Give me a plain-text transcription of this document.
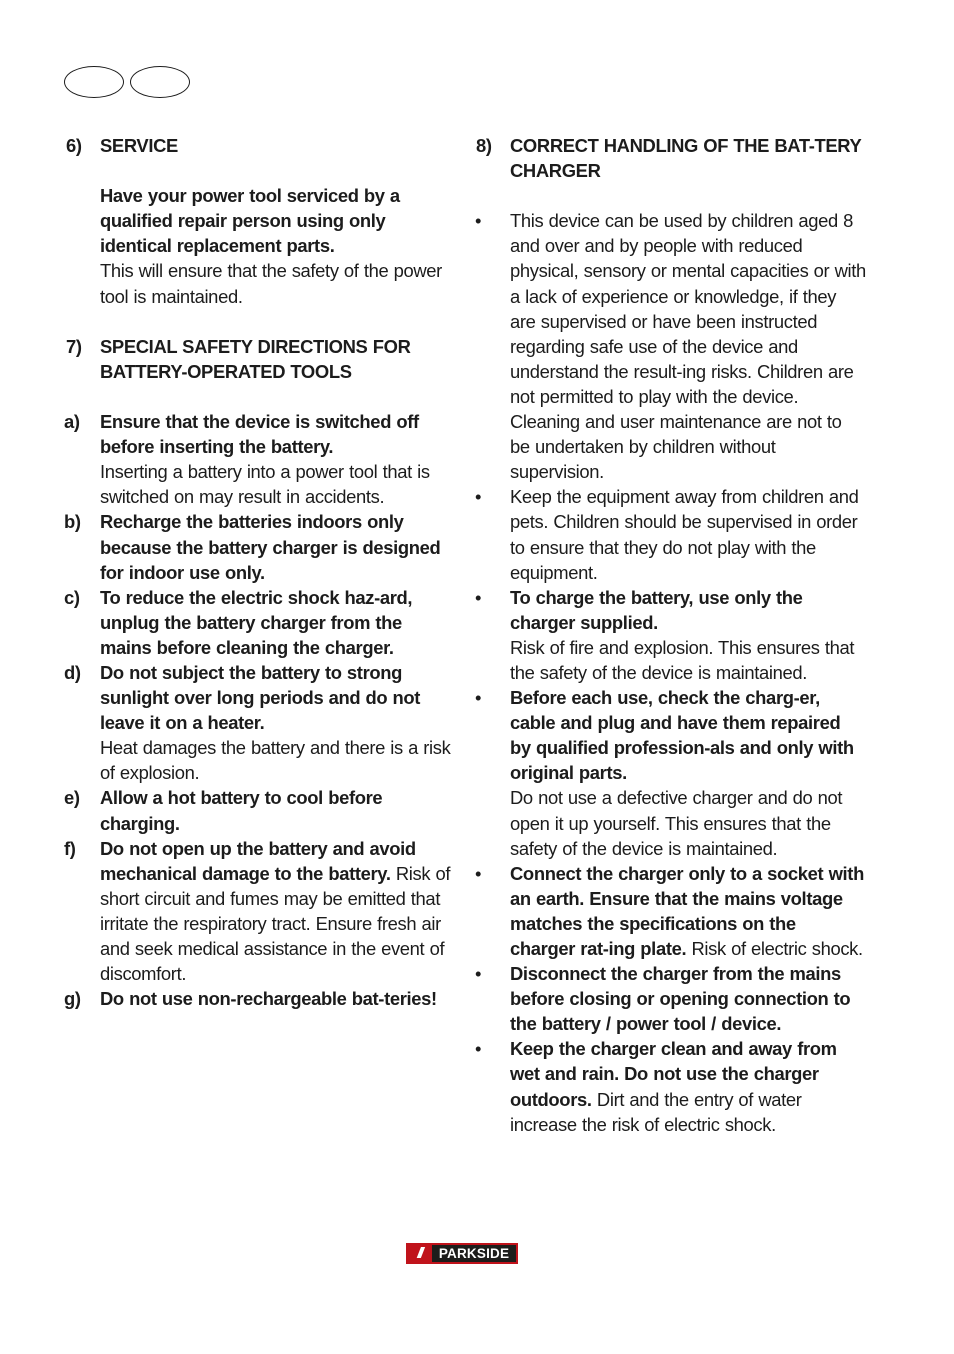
6) SERVICE
Have your power tool serviced by a qualified repair person using only identical replacement parts.
This will ensure that the safety of the power tool is maintained.
7) SPECIAL SAFETY DIRECTIONS FOR BATTERY-OPERATED TOOLS
a) Ensure that the device is switched off before inserting the battery.
Inserting a battery into a power tool that is switched on may result in accidents.
b) Recharge the batteries indoors only because the battery charger is designed for indoor use only.
c) To reduce the electric shock haz-ard, unplug the battery charger from the mains before cleaning the charger.
d) Do not subject the battery to strong sunlight over long periods and do not leave it on a heater.
Heat damages the battery and there is a risk of explosion.
e) Allow a hot battery to cool before charging.
f) Do not open up the battery and avoid mechanical damage to the battery. Risk of short circuit and fumes may be emitted that irritate the respiratory tract. Ensure fresh air and seek medical assistance in the event of discomfort.
g) Do not use non-rechargeable bat-teries!
8) CORRECT HANDLING OF THE BAT-TERY CHARGER
• This device can be used by children aged 8 and over and by people with reduced physical, sensory or mental capacities or with a lack of experience or knowledge, if they are supervised or have been instructed regarding safe use of the device and understand the result-ing risks. Children are not permitted to play with the device. Cleaning and user maintenance are not to be undertaken by children without supervision.
• Keep the equipment away from children and pets. Children should be supervised in order to ensure that they do not play with the equipment.
• To charge the battery, use only the charger supplied.
Risk of fire and explosion. This ensures that the safety of the device is maintained.
• Before each use, check the charg-er, cable and plug and have them repaired by qualified profession-als and only with original parts.
Do not use a defective charger and do not open it up yourself. This ensures that the safety of the device is maintained.
• Connect the charger only to a socket with an earth. Ensure that the mains voltage matches the specifications on the charger rat-ing plate. Risk of electric shock.
• Disconnect the charger from the mains before closing or opening connection to the battery / power tool / device.
• Keep the charger clean and away from wet and rain. Do not use the charger outdoors. Dirt and the entry of water increase the risk of electric shock.
///	PARKSIDE
